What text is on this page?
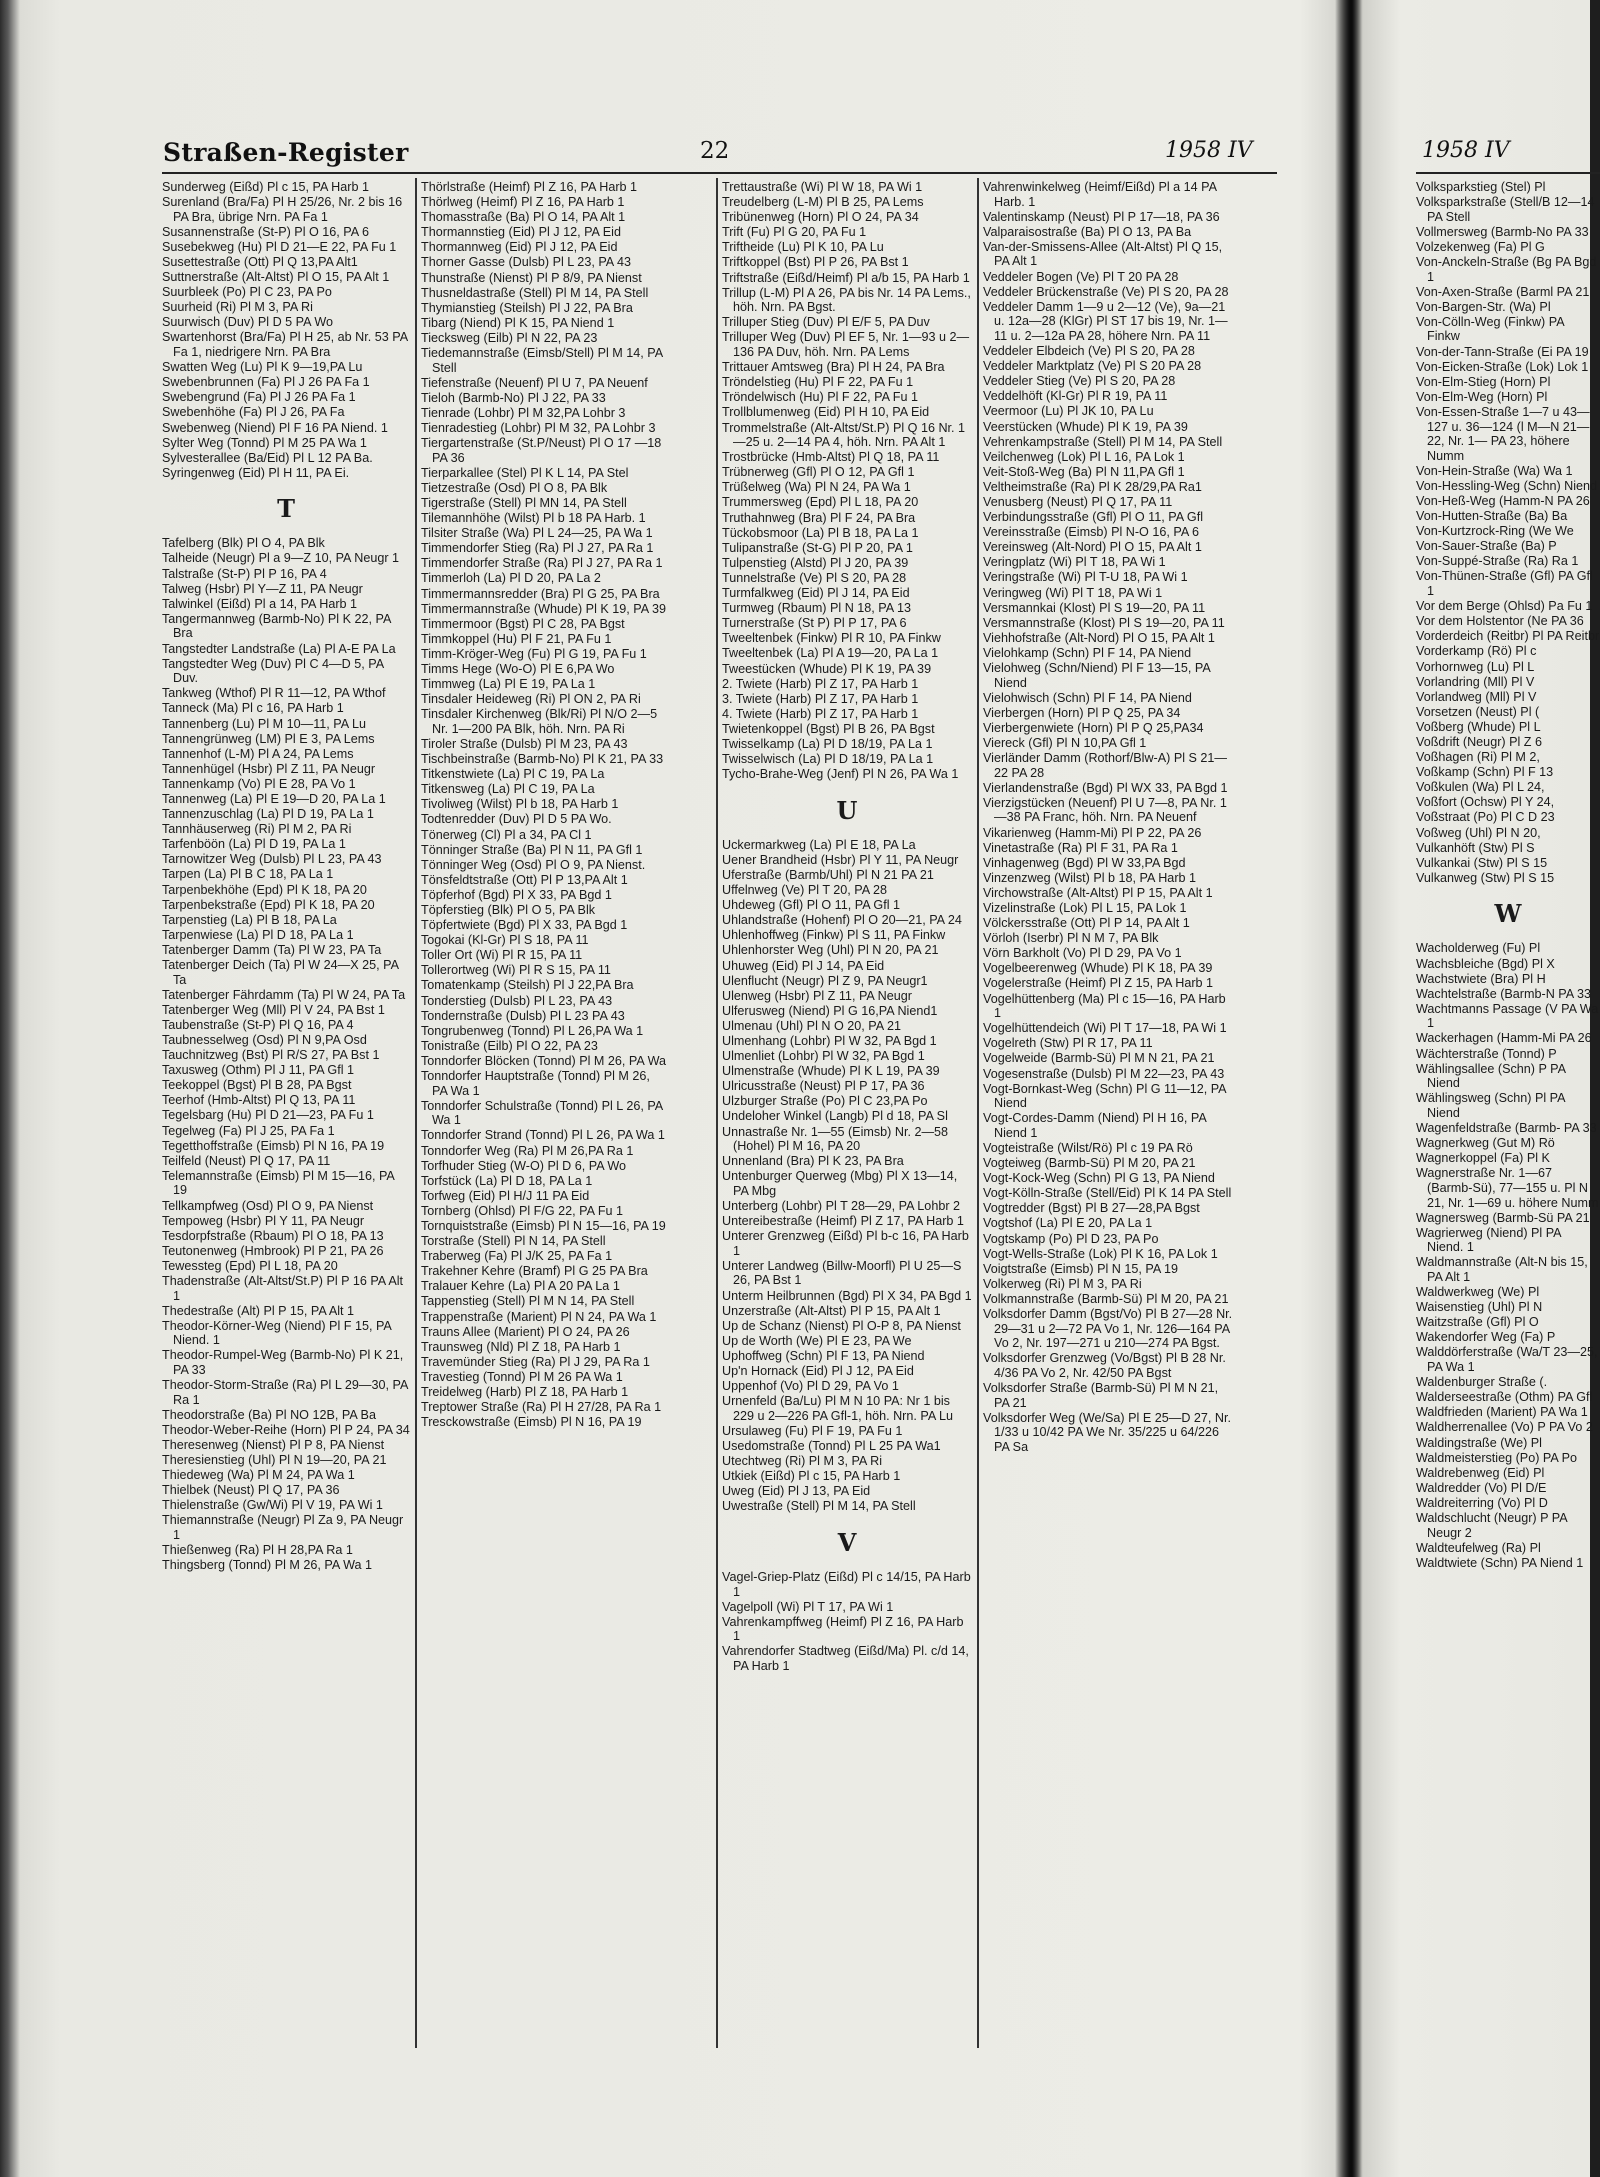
Straßen-Register	22	1958 IV	1958 IV
Sunderweg (Eißd) Pl c 15, PA Harb 1
Surenland (Bra/Fa) Pl H 25/26, Nr. 2 bis 16 PA Bra, übrige Nrn. PA Fa 1
Susannenstraße (St-P) Pl O 16, PA 6
Susebekweg (Hu) Pl D 21—E 22, PA Fu 1
Susettestraße (Ott) Pl Q 13,PA Alt1
Suttnerstraße (Alt-Altst) Pl O 15, PA Alt 1
Suurbleek (Po) Pl C 23, PA Po
Suurheid (Ri) Pl M 3, PA Ri
Suurwisch (Duv) Pl D 5 PA Wo
Swartenhorst (Bra/Fa) Pl H 25, ab Nr. 53 PA Fa 1, niedrigere Nrn. PA Bra
Swatten Weg (Lu) Pl K 9—19,PA Lu
Swebenbrunnen (Fa) Pl J 26 PA Fa 1
Swebengrund (Fa) Pl J 26 PA Fa 1
Swebenhöhe (Fa) Pl J 26, PA Fa
Swebenweg (Niend) Pl F 16 PA Niend. 1
Sylter Weg (Tonnd) Pl M 25 PA Wa 1
Sylvesterallee (Ba/Eid) Pl L 12 PA Ba.
Syringenweg (Eid) Pl H 11, PA Ei.
T
Tafelberg (Blk) Pl O 4, PA Blk
Talheide (Neugr) Pl a 9—Z 10, PA Neugr 1
Talstraße (St-P) Pl P 16, PA 4
Talweg (Hsbr) Pl Y—Z 11, PA Neugr
Talwinkel (Eißd) Pl a 14, PA Harb 1
Tangermannweg (Barmb-No) Pl K 22, PA Bra
Tangstedter Landstraße (La) Pl A-E PA La
Tangstedter Weg (Duv) Pl C 4—D 5, PA Duv.
Tankweg (Wthof) Pl R 11—12, PA Wthof
Tanneck (Ma) Pl c 16, PA Harb 1
Tannenberg (Lu) Pl M 10—11, PA Lu
Tannengrünweg (LM) Pl E 3, PA Lems
Tannenhof (L-M) Pl A 24, PA Lems
Tannenhügel (Hsbr) Pl Z 11, PA Neugr
Tannenkamp (Vo) Pl E 28, PA Vo 1
Tannenweg (La) Pl E 19—D 20, PA La 1
Tannenzuschlag (La) Pl D 19, PA La 1
Tannhäuserweg (Ri) Pl M 2, PA Ri
Tarfenböön (La) Pl D 19, PA La 1
Tarnowitzer Weg (Dulsb) Pl L 23, PA 43
Tarpen (La) Pl B C 18, PA La 1
Tarpenbekhöhe (Epd) Pl K 18, PA 20
Tarpenbekstraße (Epd) Pl K 18, PA 20
Tarpenstieg (La) Pl B 18, PA La
Tarpenwiese (La) Pl D 18, PA La 1
Tatenberger Damm (Ta) Pl W 23, PA Ta
Tatenberger Deich (Ta) Pl W 24—X 25, PA Ta
Tatenberger Fährdamm (Ta) Pl W 24, PA Ta
Tatenberger Weg (Mll) Pl V 24, PA Bst 1
Taubenstraße (St-P) Pl Q 16, PA 4
Taubnesselweg (Osd) Pl N 9,PA Osd
Tauchnitzweg (Bst) Pl R/S 27, PA Bst 1
Taxusweg (Othm) Pl J 11, PA Gfl 1
Teekoppel (Bgst) Pl B 28, PA Bgst
Teerhof (Hmb-Altst) Pl Q 13, PA 11
Tegelsbarg (Hu) Pl D 21—23, PA Fu 1
Tegelweg (Fa) Pl J 25, PA Fa 1
Tegetthoffstraße (Eimsb) Pl N 16, PA 19
Teilfeld (Neust) Pl Q 17, PA 11
Telemannstraße (Eimsb) Pl M 15—16, PA 19
Tellkampfweg (Osd) Pl O 9, PA Nienst
Tempoweg (Hsbr) Pl Y 11, PA Neugr
Tesdorpfstraße (Rbaum) Pl O 18, PA 13
Teutonenweg (Hmbrook) Pl P 21, PA 26
Tewessteg (Epd) Pl L 18, PA 20
Thadenstraße (Alt-Altst/St.P) Pl P 16 PA Alt 1
Thedestraße (Alt) Pl P 15, PA Alt 1
Theodor-Körner-Weg (Niend) Pl F 15, PA Niend. 1
Theodor-Rumpel-Weg (Barmb-No) Pl K 21, PA 33
Theodor-Storm-Straße (Ra) Pl L 29—30, PA Ra 1
Theodorstraße (Ba) Pl NO 12B, PA Ba
Theodor-Weber-Reihe (Horn) Pl P 24, PA 34
Theresenweg (Nienst) Pl P 8, PA Nienst
Theresienstieg (Uhl) Pl N 19—20, PA 21
Thiedeweg (Wa) Pl M 24, PA Wa 1
Thielbek (Neust) Pl Q 17, PA 36
Thielenstraße (Gw/Wi) Pl V 19, PA Wi 1
Thiemannstraße (Neugr) Pl Za 9, PA Neugr 1
Thießenweg (Ra) Pl H 28,PA Ra 1
Thingsberg (Tonnd) Pl M 26, PA Wa 1
Thörlstraße (Heimf) Pl Z 16, PA Harb 1
Thörlweg (Heimf) Pl Z 16, PA Harb 1
Thomasstraße (Ba) Pl O 14, PA Alt 1
Thormannstieg (Eid) Pl J 12, PA Eid
Thormannweg (Eid) Pl J 12, PA Eid
Thorner Gasse (Dulsb) Pl L 23, PA 43
Thunstraße (Nienst) Pl P 8/9, PA Nienst
Thusneldastraße (Stell) Pl M 14, PA Stell
Thymianstieg (Steilsh) Pl J 22, PA Bra
Tibarg (Niend) Pl K 15, PA Niend 1
Tiecksweg (Eilb) Pl N 22, PA 23
Tiedemannstraße (Eimsb/Stell) Pl M 14, PA Stell
Tiefenstraße (Neuenf) Pl U 7, PA Neuenf
Tieloh (Barmb-No) Pl J 22, PA 33
Tienrade (Lohbr) Pl M 32,PA Lohbr 3
Tienradestieg (Lohbr) Pl M 32, PA Lohbr 3
Tiergartenstraße (St.P/Neust) Pl O 17 —18 PA 36
Tierparkallee (Stel) Pl K L 14, PA Stel
Tietzestraße (Osd) Pl O 8, PA Blk
Tigerstraße (Stell) Pl MN 14, PA Stell
Tilemannhöhe (Wilst) Pl b 18 PA Harb. 1
Tilsiter Straße (Wa) Pl L 24—25, PA Wa 1
Timmendorfer Stieg (Ra) Pl J 27, PA Ra 1
Timmendorfer Straße (Ra) Pl J 27, PA Ra 1
Timmerloh (La) Pl D 20, PA La 2
Timmermannsredder (Bra) Pl G 25, PA Bra
Timmermannstraße (Whude) Pl K 19, PA 39
Timmermoor (Bgst) Pl C 28, PA Bgst
Timmkoppel (Hu) Pl F 21, PA Fu 1
Timm-Kröger-Weg (Fu) Pl G 19, PA Fu 1
Timms Hege (Wo-O) Pl E 6,PA Wo
Timmweg (La) Pl E 19, PA La 1
Tinsdaler Heideweg (Ri) Pl ON 2, PA Ri
Tinsdaler Kirchenweg (Blk/Ri) Pl N/O 2—5 Nr. 1—200 PA Blk, höh. Nrn. PA Ri
Tiroler Straße (Dulsb) Pl M 23, PA 43
Tischbeinstraße (Barmb-No) Pl K 21, PA 33
Titkenstwiete (La) Pl C 19, PA La
Titkensweg (La) Pl C 19, PA La
Tivoliweg (Wilst) Pl b 18, PA Harb 1
Todtenredder (Duv) Pl D 5 PA Wo.
Tönerweg (Cl) Pl a 34, PA Cl 1
Tönninger Straße (Ba) Pl N 11, PA Gfl 1
Tönninger Weg (Osd) Pl O 9, PA Nienst.
Tönsfeldtstraße (Ott) Pl P 13,PA Alt 1
Töpferhof (Bgd) Pl X 33, PA Bgd 1
Töpferstieg (Blk) Pl O 5, PA Blk
Töpfertwiete (Bgd) Pl X 33, PA Bgd 1
Togokai (Kl-Gr) Pl S 18, PA 11
Toller Ort (Wi) Pl R 15, PA 11
Tollerortweg (Wi) Pl R S 15, PA 11
Tomatenkamp (Steilsh) Pl J 22,PA Bra
Tonderstieg (Dulsb) Pl L 23, PA 43
Tondernstraße (Dulsb) Pl L 23 PA 43
Tongrubenweg (Tonnd) Pl L 26,PA Wa 1
Tonistraße (Eilb) Pl O 22, PA 23
Tonndorfer Blöcken (Tonnd) Pl M 26, PA Wa
Tonndorfer Hauptstraße (Tonnd) Pl M 26, PA Wa 1
Tonndorfer Schulstraße (Tonnd) Pl L 26, PA Wa 1
Tonndorfer Strand (Tonnd) Pl L 26, PA Wa 1
Tonndorfer Weg (Ra) Pl M 26,PA Ra 1
Torfhuder Stieg (W-O) Pl D 6, PA Wo
Torfstück (La) Pl D 18, PA La 1
Torfweg (Eid) Pl H/J 11 PA Eid
Tornberg (Ohlsd) Pl F/G 22, PA Fu 1
Tornquiststraße (Eimsb) Pl N 15—16, PA 19
Torstraße (Stell) Pl N 14, PA Stell
Traberweg (Fa) Pl J/K 25, PA Fa 1
Trakehner Kehre (Bramf) Pl G 25 PA Bra
Tralauer Kehre (La) Pl A 20 PA La 1
Tappenstieg (Stell) Pl M N 14, PA Stell
Trappenstraße (Marient) Pl N 24, PA Wa 1
Trauns Allee (Marient) Pl O 24, PA 26
Traunsweg (Nld) Pl Z 18, PA Harb 1
Travemünder Stieg (Ra) Pl J 29, PA Ra 1
Travestieg (Tonnd) Pl M 26 PA Wa 1
Treidelweg (Harb) Pl Z 18, PA Harb 1
Treptower Straße (Ra) Pl H 27/28, PA Ra 1
Tresckowstraße (Eimsb) Pl N 16, PA 19
Trettaustraße (Wi) Pl W 18, PA Wi 1
Treudelberg (L-M) Pl B 25, PA Lems
Tribünenweg (Horn) Pl O 24, PA 34
Trift (Fu) Pl G 20, PA Fu 1
Triftheide (Lu) Pl K 10, PA Lu
Triftkoppel (Bst) Pl P 26, PA Bst 1
Triftstraße (Eißd/Heimf) Pl a/b 15, PA Harb 1
Trillup (L-M) Pl A 26, PA bis Nr. 14 PA Lems., höh. Nrn. PA Bgst.
Trilluper Stieg (Duv) Pl E/F 5, PA Duv
Trilluper Weg (Duv) Pl EF 5, Nr. 1—93 u 2—136 PA Duv, höh. Nrn. PA Lems
Trittauer Amtsweg (Bra) Pl H 24, PA Bra
Tröndelstieg (Hu) Pl F 22, PA Fu 1
Tröndelwisch (Hu) Pl F 22, PA Fu 1
Trollblumenweg (Eid) Pl H 10, PA Eid
Trommelstraße (Alt-Altst/St.P) Pl Q 16 Nr. 1—25 u. 2—14 PA 4, höh. Nrn. PA Alt 1
Trostbrücke (Hmb-Altst) Pl Q 18, PA 11
Trübnerweg (Gfl) Pl O 12, PA Gfl 1
Trüßelweg (Wa) Pl N 24, PA Wa 1
Trummersweg (Epd) Pl L 18, PA 20
Truthahnweg (Bra) Pl F 24, PA Bra
Tückobsmoor (La) Pl B 18, PA La 1
Tulipanstraße (St-G) Pl P 20, PA 1
Tulpenstieg (Alstd) Pl J 20, PA 39
Tunnelstraße (Ve) Pl S 20, PA 28
Turmfalkweg (Eid) Pl J 14, PA Eid
Turmweg (Rbaum) Pl N 18, PA 13
Turnerstraße (St P) Pl P 17, PA 6
Tweeltenbek (Finkw) Pl R 10, PA Finkw
Tweeltenbek (La) Pl A 19—20, PA La 1
Tweestücken (Whude) Pl K 19, PA 39
2. Twiete (Harb) Pl Z 17, PA Harb 1
3. Twiete (Harb) Pl Z 17, PA Harb 1
4. Twiete (Harb) Pl Z 17, PA Harb 1
Twietenkoppel (Bgst) Pl B 26, PA Bgst
Twisselkamp (La) Pl D 18/19, PA La 1
Twisselwisch (La) Pl D 18/19, PA La 1
Tycho-Brahe-Weg (Jenf) Pl N 26, PA Wa 1
U
Uckermarkweg (La) Pl E 18, PA La
Uener Brandheid (Hsbr) Pl Y 11, PA Neugr
Uferstraße (Barmb/Uhl) Pl N 21 PA 21
Uffelnweg (Ve) Pl T 20, PA 28
Uhdeweg (Gfl) Pl O 11, PA Gfl 1
Uhlandstraße (Hohenf) Pl O 20—21, PA 24
Uhlenhoffweg (Finkw) Pl S 11, PA Finkw
Uhlenhorster Weg (Uhl) Pl N 20, PA 21
Uhuweg (Eid) Pl J 14, PA Eid
Ulenflucht (Neugr) Pl Z 9, PA Neugr1
Ulenweg (Hsbr) Pl Z 11, PA Neugr
Ulferusweg (Niend) Pl G 16,PA Niend1
Ulmenau (Uhl) Pl N O 20, PA 21
Ulmenhang (Lohbr) Pl W 32, PA Bgd 1
Ulmenliet (Lohbr) Pl W 32, PA Bgd 1
Ulmenstraße (Whude) Pl K L 19, PA 39
Ulricusstraße (Neust) Pl P 17, PA 36
Ulzburger Straße (Po) Pl C 23,PA Po
Undeloher Winkel (Langb) Pl d 18, PA Sl
Unnastraße Nr. 1—55 (Eimsb) Nr. 2—58 (Hohel) Pl M 16, PA 20
Unnenland (Bra) Pl K 23, PA Bra
Untenburger Querweg (Mbg) Pl X 13—14, PA Mbg
Unterberg (Lohbr) Pl T 28—29, PA Lohbr 2
Untereibestraße (Heimf) Pl Z 17, PA Harb 1
Unterer Grenzweg (Eißd) Pl b-c 16, PA Harb 1
Unterer Landweg (Billw-Moorfl) Pl U 25—S 26, PA Bst 1
Unterm Heilbrunnen (Bgd) Pl X 34, PA Bgd 1
Unzerstraße (Alt-Altst) Pl P 15, PA Alt 1
Up de Schanz (Nienst) Pl O-P 8, PA Nienst
Up de Worth (We) Pl E 23, PA We
Uphoffweg (Schn) Pl F 13, PA Niend
Up'n Hornack (Eid) Pl J 12, PA Eid
Uppenhof (Vo) Pl D 29, PA Vo 1
Urnenfeld (Ba/Lu) Pl M N 10 PA: Nr 1 bis 229 u 2—226 PA Gfl-1, höh. Nrn. PA Lu
Ursulaweg (Fu) Pl F 19, PA Fu 1
Usedomstraße (Tonnd) Pl L 25 PA Wa1
Utechtweg (Ri) Pl M 3, PA Ri
Utkiek (Eißd) Pl c 15, PA Harb 1
Uweg (Eid) Pl J 13, PA Eid
Uwestraße (Stell) Pl M 14, PA Stell
V
Vagel-Griep-Platz (Eißd) Pl c 14/15, PA Harb 1
Vagelpoll (Wi) Pl T 17, PA Wi 1
Vahrenkampffweg (Heimf) Pl Z 16, PA Harb 1
Vahrendorfer Stadtweg (Eißd/Ma) Pl. c/d 14, PA Harb 1
Vahrenwinkelweg (Heimf/Eißd) Pl a 14 PA Harb. 1
Valentinskamp (Neust) Pl P 17—18, PA 36
Valparaisostraße (Ba) Pl O 13, PA Ba
Van-der-Smissens-Allee (Alt-Altst) Pl Q 15, PA Alt 1
Veddeler Bogen (Ve) Pl T 20 PA 28
Veddeler Brückenstraße (Ve) Pl S 20, PA 28
Veddeler Damm 1—9 u 2—12 (Ve), 9a—21 u. 12a—28 (KlGr) Pl ST 17 bis 19, Nr. 1—11 u. 2—12a PA 28, höhere Nrn. PA 11
Veddeler Elbdeich (Ve) Pl S 20, PA 28
Veddeler Marktplatz (Ve) Pl S 20 PA 28
Veddeler Stieg (Ve) Pl S 20, PA 28
Veddelhöft (Kl-Gr) Pl R 19, PA 11
Veermoor (Lu) Pl JK 10, PA Lu
Veerstücken (Whude) Pl K 19, PA 39
Vehrenkampstraße (Stell) Pl M 14, PA Stell
Veilchenweg (Lok) Pl L 16, PA Lok 1
Veit-Stoß-Weg (Ba) Pl N 11,PA Gfl 1
Veltheimstraße (Ra) Pl K 28/29,PA Ra1
Venusberg (Neust) Pl Q 17, PA 11
Verbindungsstraße (Gfl) Pl O 11, PA Gfl
Vereinsstraße (Eimsb) Pl N-O 16, PA 6
Vereinsweg (Alt-Nord) Pl O 15, PA Alt 1
Veringplatz (Wi) Pl T 18, PA Wi 1
Veringstraße (Wi) Pl T-U 18, PA Wi 1
Veringweg (Wi) Pl T 18, PA Wi 1
Versmannkai (Klost) Pl S 19—20, PA 11
Versmannstraße (Klost) Pl S 19—20, PA 11
Viehhofstraße (Alt-Nord) Pl O 15, PA Alt 1
Vielohkamp (Schn) Pl F 14, PA Niend
Vielohweg (Schn/Niend) Pl F 13—15, PA Niend
Vielohwisch (Schn) Pl F 14, PA Niend
Vierbergen (Horn) Pl P Q 25, PA 34
Vierbergenwiete (Horn) Pl P Q 25,PA34
Viereck (Gfl) Pl N 10,PA Gfl 1
Vierländer Damm (Rothorf/Blw-A) Pl S 21—22 PA 28
Vierlandenstraße (Bgd) Pl WX 33, PA Bgd 1
Vierzigstücken (Neuenf) Pl U 7—8, PA Nr. 1—38 PA Franc, höh. Nrn. PA Neuenf
Vikarienweg (Hamm-Mi) Pl P 22, PA 26
Vinetastraße (Ra) Pl F 31, PA Ra 1
Vinhagenweg (Bgd) Pl W 33,PA Bgd
Vinzenzweg (Wilst) Pl b 18, PA Harb 1
Virchowstraße (Alt-Altst) Pl P 15, PA Alt 1
Vizelinstraße (Lok) Pl L 15, PA Lok 1
Völckersstraße (Ott) Pl P 14, PA Alt 1
Vörloh (Iserbr) Pl N M 7, PA Blk
Vörn Barkholt (Vo) Pl D 29, PA Vo 1
Vogelbeerenweg (Whude) Pl K 18, PA 39
Vogelerstraße (Heimf) Pl Z 15, PA Harb 1
Vogelhüttenberg (Ma) Pl c 15—16, PA Harb 1
Vogelhüttendeich (Wi) Pl T 17—18, PA Wi 1
Vogelreth (Stw) Pl R 17, PA 11
Vogelweide (Barmb-Sü) Pl M N 21, PA 21
Vogesenstraße (Dulsb) Pl M 22—23, PA 43
Vogt-Bornkast-Weg (Schn) Pl G 11—12, PA Niend
Vogt-Cordes-Damm (Niend) Pl H 16, PA Niend 1
Vogteistraße (Wilst/Rö) Pl c 19 PA Rö
Vogteiweg (Barmb-Sü) Pl M 20, PA 21
Vogt-Kock-Weg (Schn) Pl G 13, PA Niend
Vogt-Kölln-Straße (Stell/Eid) Pl K 14 PA Stell
Vogtredder (Bgst) Pl B 27—28,PA Bgst
Vogtshof (La) Pl E 20, PA La 1
Vogtskamp (Po) Pl D 23, PA Po
Vogt-Wells-Straße (Lok) Pl K 16, PA Lok 1
Voigtstraße (Eimsb) Pl N 15, PA 19
Volkerweg (Ri) Pl M 3, PA Ri
Volkmannstraße (Barmb-Sü) Pl M 20, PA 21
Volksdorfer Damm (Bgst/Vo) Pl B 27—28 Nr. 29—31 u 2—72 PA Vo 1, Nr. 126—164 PA Vo 2, Nr. 197—271 u 210—274 PA Bgst.
Volksdorfer Grenzweg (Vo/Bgst) Pl B 28 Nr. 4/36 PA Vo 2, Nr. 42/50 PA Bgst
Volksdorfer Straße (Barmb-Sü) Pl M N 21, PA 21
Volksdorfer Weg (We/Sa) Pl E 25—D 27, Nr. 1/33 u 10/42 PA We Nr. 35/225 u 64/226 PA Sa
Volksparkstieg (Stel) Pl
Volksparkstraße (Stell/B 12—14 PA Stell
Vollmersweg (Barmb-No PA 33
Volzekenweg (Fa) Pl G
Von-Anckeln-Straße (Bg PA Bgd 1
Von-Axen-Straße (Barml PA 21
Von-Bargen-Str. (Wa) Pl
Von-Cölln-Weg (Finkw) PA Finkw
Von-der-Tann-Straße (Ei PA 19
Von-Eicken-Straße (Lok) Lok 1
Von-Elm-Stieg (Horn) Pl
Von-Elm-Weg (Horn) Pl
Von-Essen-Straße 1—7 u 43—127 u. 36—124 (l M—N 21—22, Nr. 1— PA 23, höhere Numm
Von-Hein-Straße (Wa) Wa 1
Von-Hessling-Weg (Schn) Niend
Von-Heß-Weg (Hamm-N PA 26
Von-Hutten-Straße (Ba) Ba
Von-Kurtzrock-Ring (We We
Von-Sauer-Straße (Ba) P
Von-Suppé-Straße (Ra) Ra 1
Von-Thünen-Straße (Gfl) PA Gfl 1
Vor dem Berge (Ohlsd) Pa Fu 1
Vor dem Holstentor (Ne PA 36
Vorderdeich (Reitbr) Pl PA Reitbr
Vorderkamp (Rö) Pl c
Vorhornweg (Lu) Pl L
Vorlandring (Mll) Pl V
Vorlandweg (Mll) Pl V
Vorsetzen (Neust) Pl (
Voßberg (Whude) Pl L
Voßdrift (Neugr) Pl Z 6
Voßhagen (Ri) Pl M 2,
Voßkamp (Schn) Pl F 13
Voßkulen (Wa) Pl L 24,
Voßfort (Ochsw) Pl Y 24,
Voßstraat (Po) Pl C D 23
Voßweg (Uhl) Pl N 20,
Vulkanhöft (Stw) Pl S
Vulkankai (Stw) Pl S 15
Vulkanweg (Stw) Pl S 15
W
Wacholderweg (Fu) Pl
Wachsbleiche (Bgd) Pl X
Wachstwiete (Bra) Pl H
Wachtelstraße (Barmb-N PA 33
Wachtmanns Passage (V PA Wa 1
Wackerhagen (Hamm-Mi PA 26
Wächterstraße (Tonnd) P
Wählingsallee (Schn) P PA Niend
Wählingsweg (Schn) Pl PA Niend
Wagenfeldstraße (Barmb- PA 33
Wagnerkweg (Gut M) Rö
Wagnerkoppel (Fa) Pl K
Wagnerstraße Nr. 1—67 (Barmb-Sü), 77—155 u. Pl N 21, Nr. 1—69 u. höhere Numm
Wagnersweg (Barmb-Sü PA 21
Wagrierweg (Niend) Pl PA Niend. 1
Waldmannstraße (Alt-N bis 15, PA Alt 1
Waldwerkweg (We) Pl
Waisenstieg (Uhl) Pl N
Waitzstraße (Gfl) Pl O
Wakendorfer Weg (Fa) P
Walddörferstraße (Wa/T 23—25, PA Wa 1
Waldenburger Straße (.
Walderseestraße (Othm) PA Gfl
Waldfrieden (Marient) PA Wa 1
Waldherrenallee (Vo) P PA Vo 2
Waldingstraße (We) Pl
Waldmeisterstieg (Po) PA Po
Waldrebenweg (Eid) Pl
Waldredder (Vo) Pl D/E
Waldreiterring (Vo) Pl D
Waldschlucht (Neugr) P PA Neugr 2
Waldteufelweg (Ra) Pl
Waldtwiete (Schn) PA Niend 1
